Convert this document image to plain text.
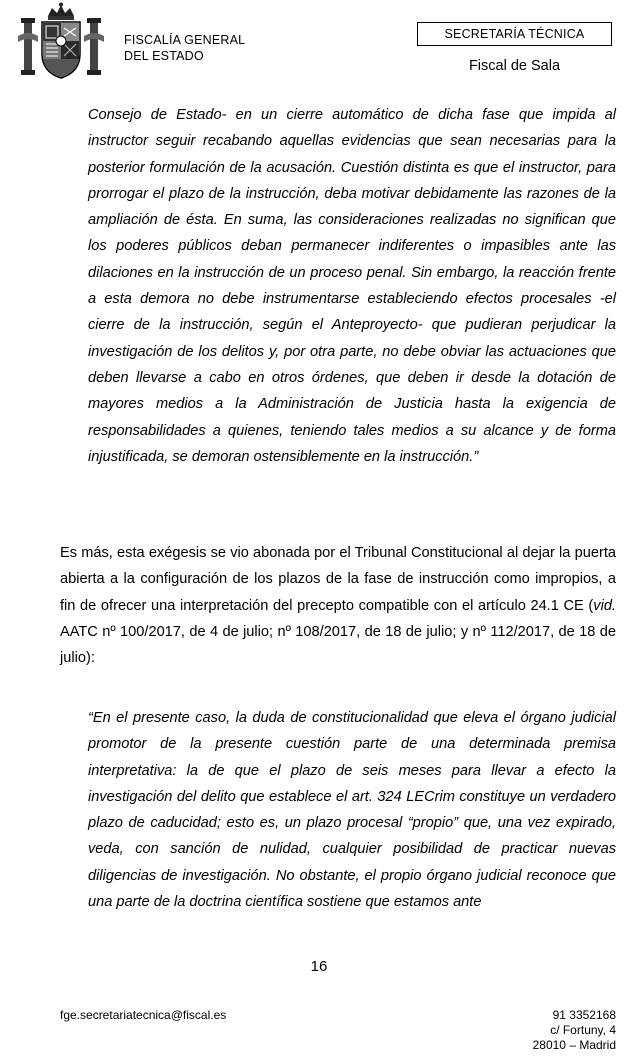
FISCALÍA GENERAL
DEL ESTADO
SECRETARÍA TÉCNICA
Fiscal de Sala
Consejo de Estado- en un cierre automático de dicha fase que impida al instructor seguir recabando aquellas evidencias que sean necesarias para la posterior formulación de la acusación. Cuestión distinta es que el instructor, para prorrogar el plazo de la instrucción, deba motivar debidamente las razones de la ampliación de ésta. En suma, las consideraciones realizadas no significan que los poderes públicos deban permanecer indiferentes o impasibles ante las dilaciones en la instrucción de un proceso penal. Sin embargo, la reacción frente a esta demora no debe instrumentarse estableciendo efectos procesales -el cierre de la instrucción, según el Anteproyecto- que pudieran perjudicar la investigación de los delitos y, por otra parte, no debe obviar las actuaciones que deben llevarse a cabo en otros órdenes, que deben ir desde la dotación de mayores medios a la Administración de Justicia hasta la exigencia de responsabilidades a quienes, teniendo tales medios a su alcance y de forma injustificada, se demoran ostensiblemente en la instrucción.”
Es más, esta exégesis se vio abonada por el Tribunal Constitucional al dejar la puerta abierta a la configuración de los plazos de la fase de instrucción como impropios, a fin de ofrecer una interpretación del precepto compatible con el artículo 24.1 CE (vid. AATC nº 100/2017, de 4 de julio; nº 108/2017, de 18 de julio; y nº 112/2017, de 18 de julio):
“En el presente caso, la duda de constitucionalidad que eleva el órgano judicial promotor de la presente cuestión parte de una determinada premisa interpretativa: la de que el plazo de seis meses para llevar a efecto la investigación del delito que establece el art. 324 LECrim constituye un verdadero plazo de caducidad; esto es, un plazo procesal “propio” que, una vez expirado, veda, con sanción de nulidad, cualquier posibilidad de practicar nuevas diligencias de investigación. No obstante, el propio órgano judicial reconoce que una parte de la doctrina científica sostiene que estamos ante
16
fge.secretariatecnica@fiscal.es	91 3352168
c/ Fortuny, 4
28010 – Madrid
